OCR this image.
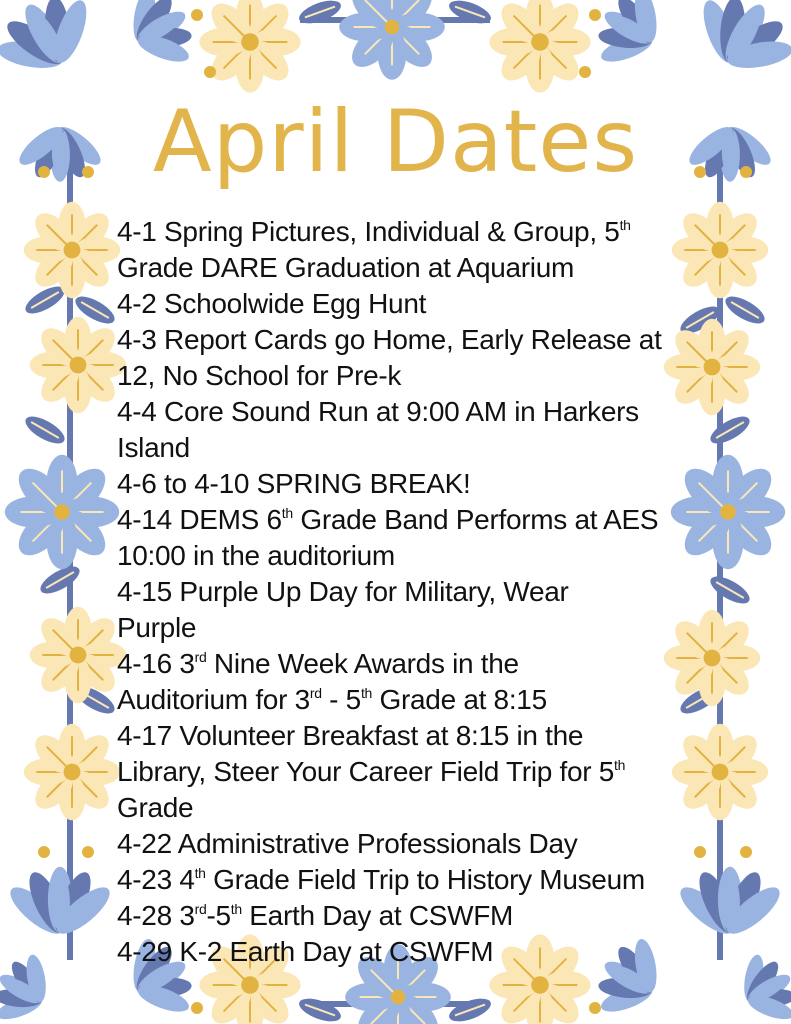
April Dates
4-1 Spring Pictures, Individual & Group, 5th
Grade DARE Graduation at Aquarium
4-2 Schoolwide Egg Hunt
4-3 Report Cards go Home, Early Release at
12, No School for Pre-k
4-4 Core Sound Run at 9:00 AM in Harkers
Island
4-6 to 4-10 SPRING BREAK!
4-14 DEMS 6th Grade Band Performs at AES
10:00 in the auditorium
4-15 Purple Up Day for Military, Wear
Purple
4-16 3rd Nine Week Awards in the
Auditorium for 3rd - 5th Grade at 8:15
4-17 Volunteer Breakfast at 8:15 in the
Library, Steer Your Career Field Trip for 5th
Grade
4-22 Administrative Professionals Day
4-23 4th Grade Field Trip to History Museum
4-28 3rd-5th Earth Day at CSWFM
4-29 K-2 Earth Day at CSWFM
